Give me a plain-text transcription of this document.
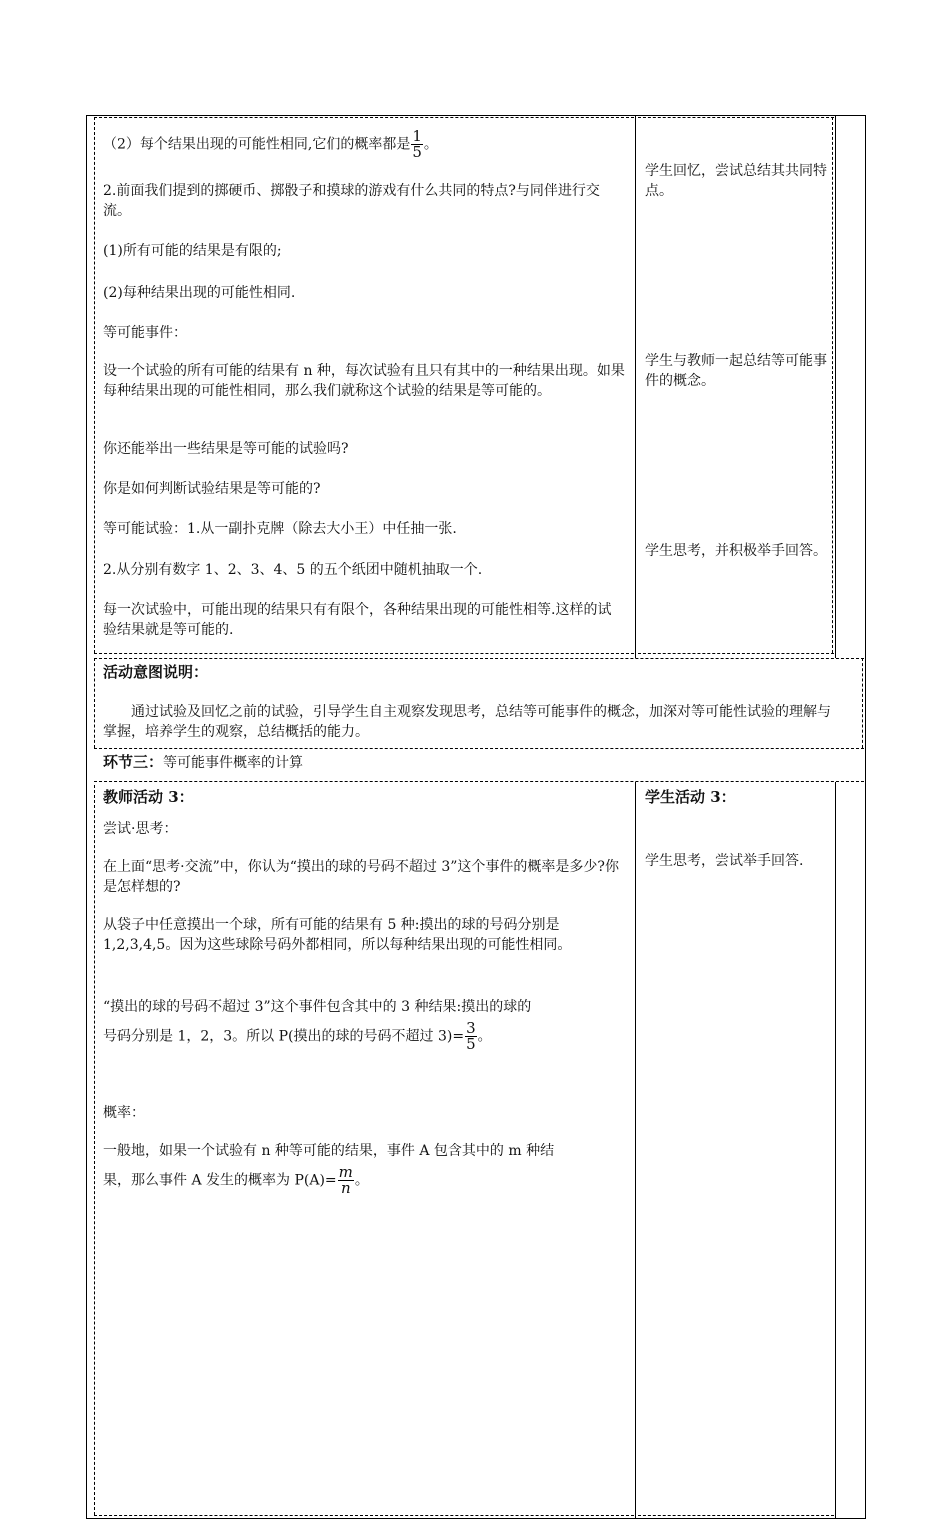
（2）每个结果出现的可能性相同,它们的概率都是 $\frac{1}{5}$ 。
2.前面我们提到的掷硬币、掷骰子和摸球的游戏有什么共同的特点?与同伴进行交流。
(1)所有可能的结果是有限的;
(2)每种结果出现的可能性相同.
等可能事件：
设一个试验的所有可能的结果有 n 种，每次试验有且只有其中的一种结果出现。如果每种结果出现的可能性相同，那么我们就称这个试验的结果是等可能的。
你还能举出一些结果是等可能的试验吗?
你是如何判断试验结果是等可能的?
等可能试验：1.从一副扑克牌（除去大小王）中任抽一张.
2.从分别有数字 1、2、3、4、5 的五个纸团中随机抽取一个.
每一次试验中，可能出现的结果只有有限个，各种结果出现的可能性相等.这样的试验结果就是等可能的.
学生回忆，尝试总结其共同特点。
学生与教师一起总结等可能事件的概念。
学生思考，并积极举手回答。
活动意图说明：
通过试验及回忆之前的试验，引导学生自主观察发现思考，总结等可能事件的概念，加深对等可能性试验的理解与掌握，培养学生的观察，总结概括的能力。
环节三：等可能事件概率的计算
教师活动 3：
尝试·思考：
在上面“思考·交流”中，你认为“摸出的球的号码不超过 3”这个事件的概率是多少?你是怎样想的?
从袋子中任意摸出一个球，所有可能的结果有 5 种:摸出的球的号码分别是 1,2,3,4,5。因为这些球除号码外都相同，所以每种结果出现的可能性相同。
“摸出的球的号码不超过 3”这个事件包含其中的 3 种结果:摸出的球的
号码分别是 1，2，3。所以 P(摸出的球的号码不超过 $3)= \frac{3}{5}$ 。
概率：
一般地，如果一个试验有 n 种等可能的结果，事件 A 包含其中的 m 种结
果，那么事件 A 发生的概率为 $P(A)= \frac{m}{n}$ 。
学生活动 3：
学生思考，尝试举手回答.
